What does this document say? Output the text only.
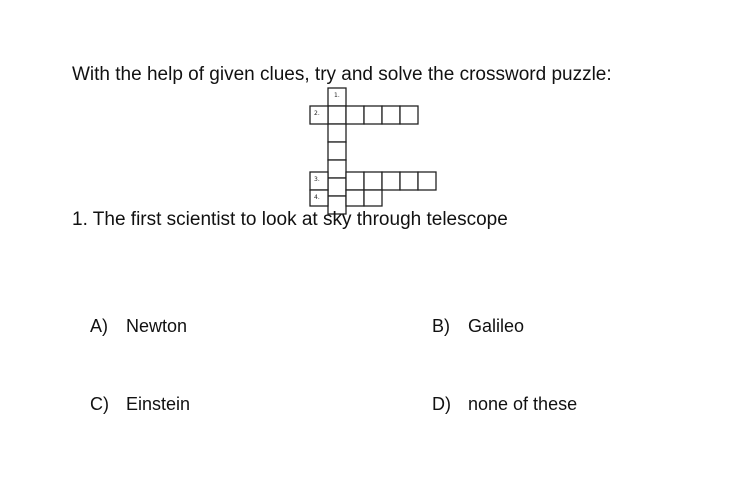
With the help of given clues, try and solve the crossword puzzle:
1.
2.
3.
4.
1. The first scientist to look at sky through telescope
A) Newton	B) Galileo
C) Einstein	D) none of these
